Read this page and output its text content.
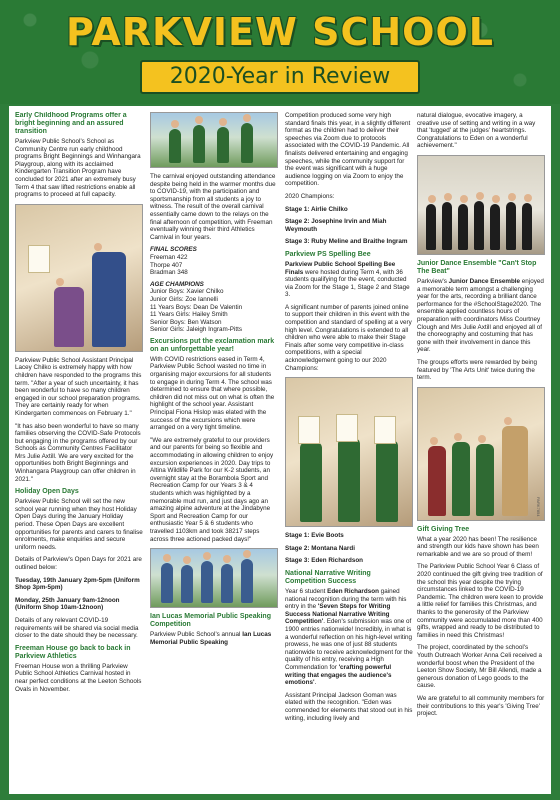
PARKVIEW SCHOOL
2020-Year in Review
Early Childhood Programs offer a bright beginning and an assured transition

Parkview Public School's School as Community Centre run early childhood programs Bright Beginnings and Winhangara Playgroup, along with its acclaimed Kindergarten Transition Program have concluded for 2021 after an extremely busy Term 4 that saw lifted restrictions enable all programs to proceed at full capacity.

Parkview Public School Assistant Principal Lacey Chilko is extremely happy with how children have responded to the programs this term. "After a year of such uncertainty, it has been wonderful to have so many children engaged in our school preparation programs. They are certainly ready for when Kindergarten commences on February 1."

"It has also been wonderful to have so many families observing the COVID-Safe Protocols but engaging in the programs offered by our Schools as Community Centres Facilitator Mrs Julie Axtill. We are very excited for the opportunities both Bright Beginnings and Winhangara Playgroup can offer children in 2021."

Holiday Open Days

Parkview Public School will set the new school year running when they host Holiday Open Days during the January Holiday period. These Open Days are excellent opportunities for parents and carers to finalise enrolments, make enquiries and secure uniform needs.

Details of Parkview's Open Days for 2021 are outlined below:

Tuesday, 19th January 2pm-5pm (Uniform Shop 3pm-5pm)

Monday, 25th January 9am-12noon (Uniform Shop 10am-12noon)

Details of any relevant COVID-19 requirements will be shared via social media closer to the date should they be necessary.

Freeman House go back to back in Parkview Athletics

Freeman House won a thrilling Parkview Public School Athletics Carnival hosted in near perfect conditions at the Leeton Schools Ovals in November.

The carnival enjoyed outstanding attendance despite being held in the warmer months due to COVID-19, with the participation and sportsmanship from all students a joy to witness. The result of the overall carnival essentially came down to the relays on the final afternoon of competition, with Freeman eventually winning their third Athletics Carnival in four years.

FINAL SCORES

Freeman 422

Thorpe 407

Bradman 348

AGE CHAMPIONS

Junior Boys: Xavier Chilko

Junior Girls: Zoe Iannelli

11 Years Boys: Dean De Valentin

11 Years Girls: Hailey Smith

Senior Boys: Ben Watson

Senior Girls: Jaleigh Ingram-Pitts

Excursions put the exclamation mark on an unforgettable year!

With COVID restrictions eased in Term 4, Parkview Public School wasted no time in organising major excursions for all students to engage in during Term 4. The school was determined to ensure that where possible, children did not miss out on what is often the highlight of the school year. Assistant Principal Fiona Hislop was elated with the success of the excursions which were arranged on a very tight timeline.

"We are extremely grateful to our providers and our parents for being so flexible and accommodating in allowing children to enjoy excursion experiences in 2020. Day trips to Altina Wildlife Park for our K-2 students, an overnight stay at the Borambola Sport and Recreation Camp for our Years 3 & 4 students which was highlighted by a memorable mud run, and just days ago an amazing alpine adventure at the Jindabyne Sport and Recreation Camp for our enthusiastic Year 5 & 6 students who travelled 1103km and took 38217 steps across three actioned packed days!"

Ian Lucas Memorial Public Speaking Competition

Parkview Public School's annual Ian Lucas Memorial Public Speaking

Competition produced some very high standard finals this year, in a slightly different format as the children had to deliver their speeches via Zoom due to protocols associated with the COVID-19 Pandemic. All finalists delivered entertaining and engaging speeches, while the community support for the event was significant with a huge audience logging on via Zoom to enjoy the competition.

2020 Champions:

Stage 1: Airlie Chilko

Stage 2: Josephine Irvin and Miah Weymouth

Stage 3: Ruby Meline and Braithe Ingram

Parkview PS Spelling Bee

Parkview Public School Spelling Bee Finals were hosted during Term 4, with 36 students qualifying for the event, conducted via Zoom for the Stage 1, Stage 2 and Stage 3.

A significant number of parents joined online to support their children in this event with the competition and standard of spelling at a very high level. Congratulations is extended to all children who were able to make their Stage Finals after some very competitive in-class competitions, with a special acknowledgement going to our 2020 Champions:

Stage 1: Evie Boots

Stage 2: Montana Nardi

Stage 3: Eden Richardson

National Narrative Writing Competition Success

Year 6 student Eden Richardson gained national recognition during the term with his entry in the 'Seven Steps for Writing Success National Narrative Writing Competition'. Eden's submission was one of 1900 entries nationwide! Incredibly, in what is a wonderful reflection on his high-level writing prowess, he was one of just 88 students nationwide to receive acknowledgment for the quality of his entry, receiving a High Commendation for 'crafting powerful writing that engages the audience's emotions'.

Assistant Principal Jackson Goman was elated with the recognition. "Eden was commended for elements that stood out in his writing, including lively and

natural dialogue, evocative imagery, a creative use of setting and writing in a way that 'tugged' at the judges' heartstrings. Congratulations to Eden on a wonderful achievement."

Junior Dance Ensemble "Can't Stop The Beat"

Parkview's Junior Dance Ensemble enjoyed a memorable term amongst a challenging year for the arts, recording a brilliant dance performance for the #SchoolStage2020. The ensemble applied countless hours of preparation with coordinators Miss Courtney Clough and Mrs Julie Axtill and enjoyed all of the choreography and costuming that has gone with their involvement in dance this year.

The groups efforts were rewarded by being featured by 'The Arts Unit' twice during the term.

PARK7854
Gift Giving Tree

What a year 2020 has been! The resilience and strength our kids have shown has been remarkable and we are so proud of them!

The Parkview Public School Year 6 Class of 2020 continued the gift giving tree tradition of the school this year despite the trying circumstances linked to the COVID-19 Pandemic. The children were keen to provide a little relief for families this Christmas, and thanks to the generosity of the Parkview community were accumulated more than 400 gifts, wrapped and ready to be distributed to families in need this Christmas!

The project, coordinated by the school's Youth Outreach Worker Anna Celi received a wonderful boost when the President of the Leeton Show Society, Mr Bill Allendi, made a generous donation of Lego goods to the cause.

We are grateful to all community members for their contributions to this year's 'Giving Tree' project.
